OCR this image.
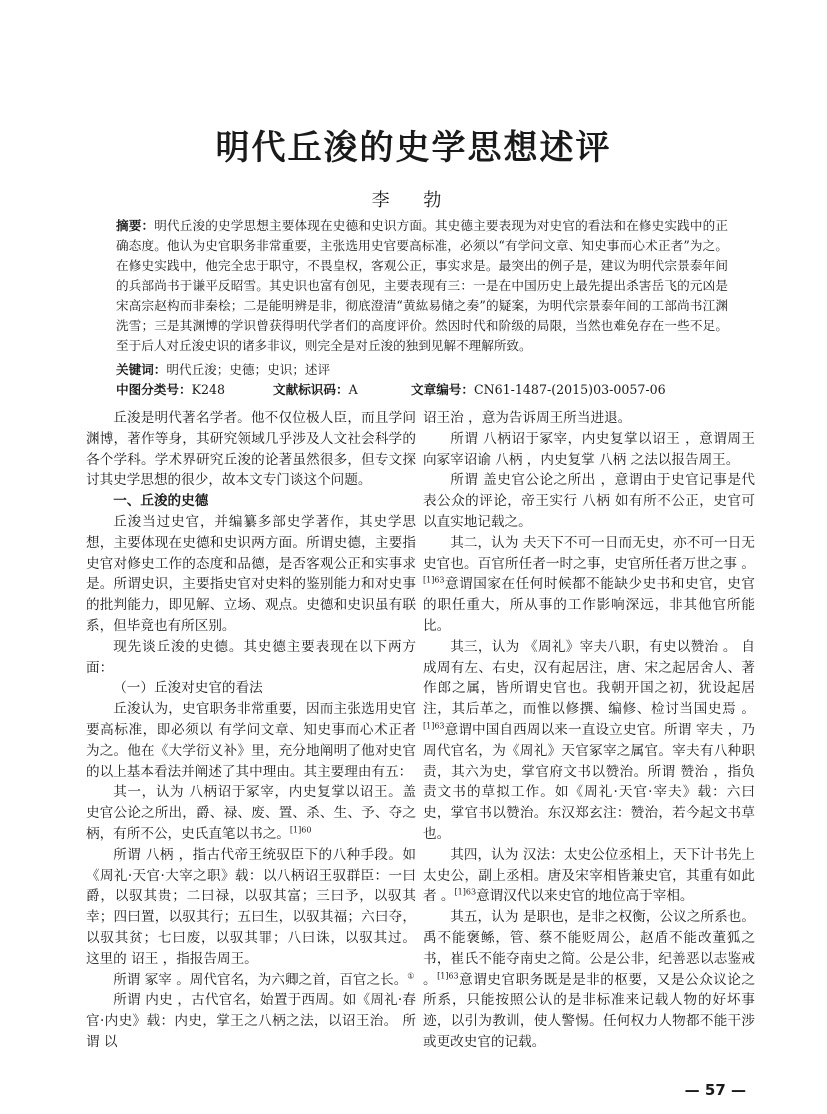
明代丘浚的史学思想述评
李 勃
摘要：明代丘浚的史学思想主要体现在史德和史识方面。其史德主要表现为对史官的看法和在修史实践中的正确态度。他认为史官职务非常重要，主张选用史官要高标准，必须以“有学问文章、知史事而心术正者”为之。在修史实践中，他完全忠于职守，不畏皇权，客观公正，事实求是。最突出的例子是，建议为明代宗景泰年间的兵部尚书于谦平反昭雪。其史识也富有创见，主要表现有三：一是在中国历史上最先提出杀害岳飞的元凶是宋高宗赵构而非秦桧；二是能明辨是非，彻底澄清“黄紘易储之奏”的疑案，为明代宗景泰年间的工部尚书江渊洗雪；三是其渊博的学识曾获得明代学者们的高度评价。然因时代和阶级的局限，当然也难免存在一些不足。至于后人对丘浚史识的诸多非议，则完全是对丘浚的独到见解不理解所致。
关键词：明代丘浚；史德；史识；述评
中图分类号：K248	文献标识码：A	文章编号：CN61-1487-(2015)03-0057-06

丘浚是明代著名学者。他不仅位极人臣，而且学问渊博，著作等身，其研究领域几乎涉及人文社会科学的各个学科。学术界研究丘浚的论著虽然很多，但专文探讨其史学思想的很少，故本文专门谈这个问题。

一、丘浚的史德

丘浚当过史官，并编纂多部史学著作，其史学思想，主要体现在史德和史识两方面。所谓史德，主要指史官对修史工作的态度和品德，是否客观公正和实事求是。所谓史识，主要指史官对史料的鉴别能力和对史事的批判能力，即见解、立场、观点。史德和史识虽有联系，但毕竟也有所区别。

现先谈丘浚的史德。其史德主要表现在以下两方面：

（一）丘浚对史官的看法

丘浚认为，史官职务非常重要，因而主张选用史官要高标准，即必须以 有学问文章、知史事而心术正者 为之。他在《大学衍义补》里，充分地阐明了他对史官的以上基本看法并阐述了其中理由。其主要理由有五：

其一，认为 八柄诏于冢宰，内史复掌以诏王。盖史官公论之所出，爵、禄、废、置、杀、生、予、夺之柄，有所不公，史氏直笔以书之。$^{[1]60}$

所谓 八柄 ，指古代帝王统驭臣下的八种手段。如《周礼·天官·大宰之职》载：以八柄诏王驭群臣：一曰爵，以驭其贵；二曰禄，以驭其富；三曰予，以驭其幸；四曰置，以驭其行；五曰生，以驭其福；六曰夺，以驭其贫；七曰废，以驭其罪；八曰诛，以驭其过。 这里的 诏王 ，指报告周王。

所谓 冢宰 。周代官名，为六卿之首，百官之长。①

所谓 内史 ，古代官名，始置于西周。如《周礼·春官·内史》载：内史，掌王之八柄之法，以诏王治。 所谓 以

诏王治 ，意为告诉周王所当进退。

所谓 八柄诏于冢宰，内史复掌以诏王 ，意谓周王向冢宰诏谕 八柄 ，内史复掌 八柄 之法以报告周王。

所谓 盖史官公论之所出 ，意谓由于史官记事是代表公众的评论，帝王实行 八柄 如有所不公正，史官可以直实地记载之。

其二，认为 夫天下不可一日而无史，亦不可一日无史官也。百官所任者一时之事，史官所任者万世之事 。$^{[1]63}$意谓国家在任何时候都不能缺少史书和史官，史官的职任重大，所从事的工作影响深远，非其他官所能比。

其三，认为 《周礼》宰夫八职，有史以赞治 。 自成周有左、右史，汉有起居注，唐、宋之起居舍人、著作郎之属，皆所谓史官也。我朝开国之初，犹设起居注，其后革之，而惟以修撰、编修、检讨当国史焉 。$^{[1]63}$意谓中国自西周以来一直设立史官。所谓 宰夫 ，乃周代官名，为《周礼》天官冢宰之属官。宰夫有八种职责，其六为史，掌官府文书以赞治。所谓 赞治 ，指负责文书的草拟工作。如《周礼·天官·宰夫》载：六曰史，掌官书以赞治。东汉郑玄注：赞治，若今起文书草也。

其四，认为 汉法：太史公位丞相上，天下计书先上太史公，副上丞相。唐及宋宰相皆兼史官，其重有如此者 。$^{[1]63}$意谓汉代以来史官的地位高于宰相。

其五，认为 是职也，是非之权衡，公议之所系也。禹不能褒鲧，管、蔡不能贬周公，赵盾不能改董狐之书，崔氏不能夺南史之简。公是公非，纪善恶以志鉴戒 。$^{[1]63}$意谓史官职务既是是非的枢要，又是公众议论之所系，只能按照公认的是非标准来记载人物的好坏事迹，以引为教训，使人警惕。任何权力人物都不能干涉或更改史官的记载。

— 57 —
